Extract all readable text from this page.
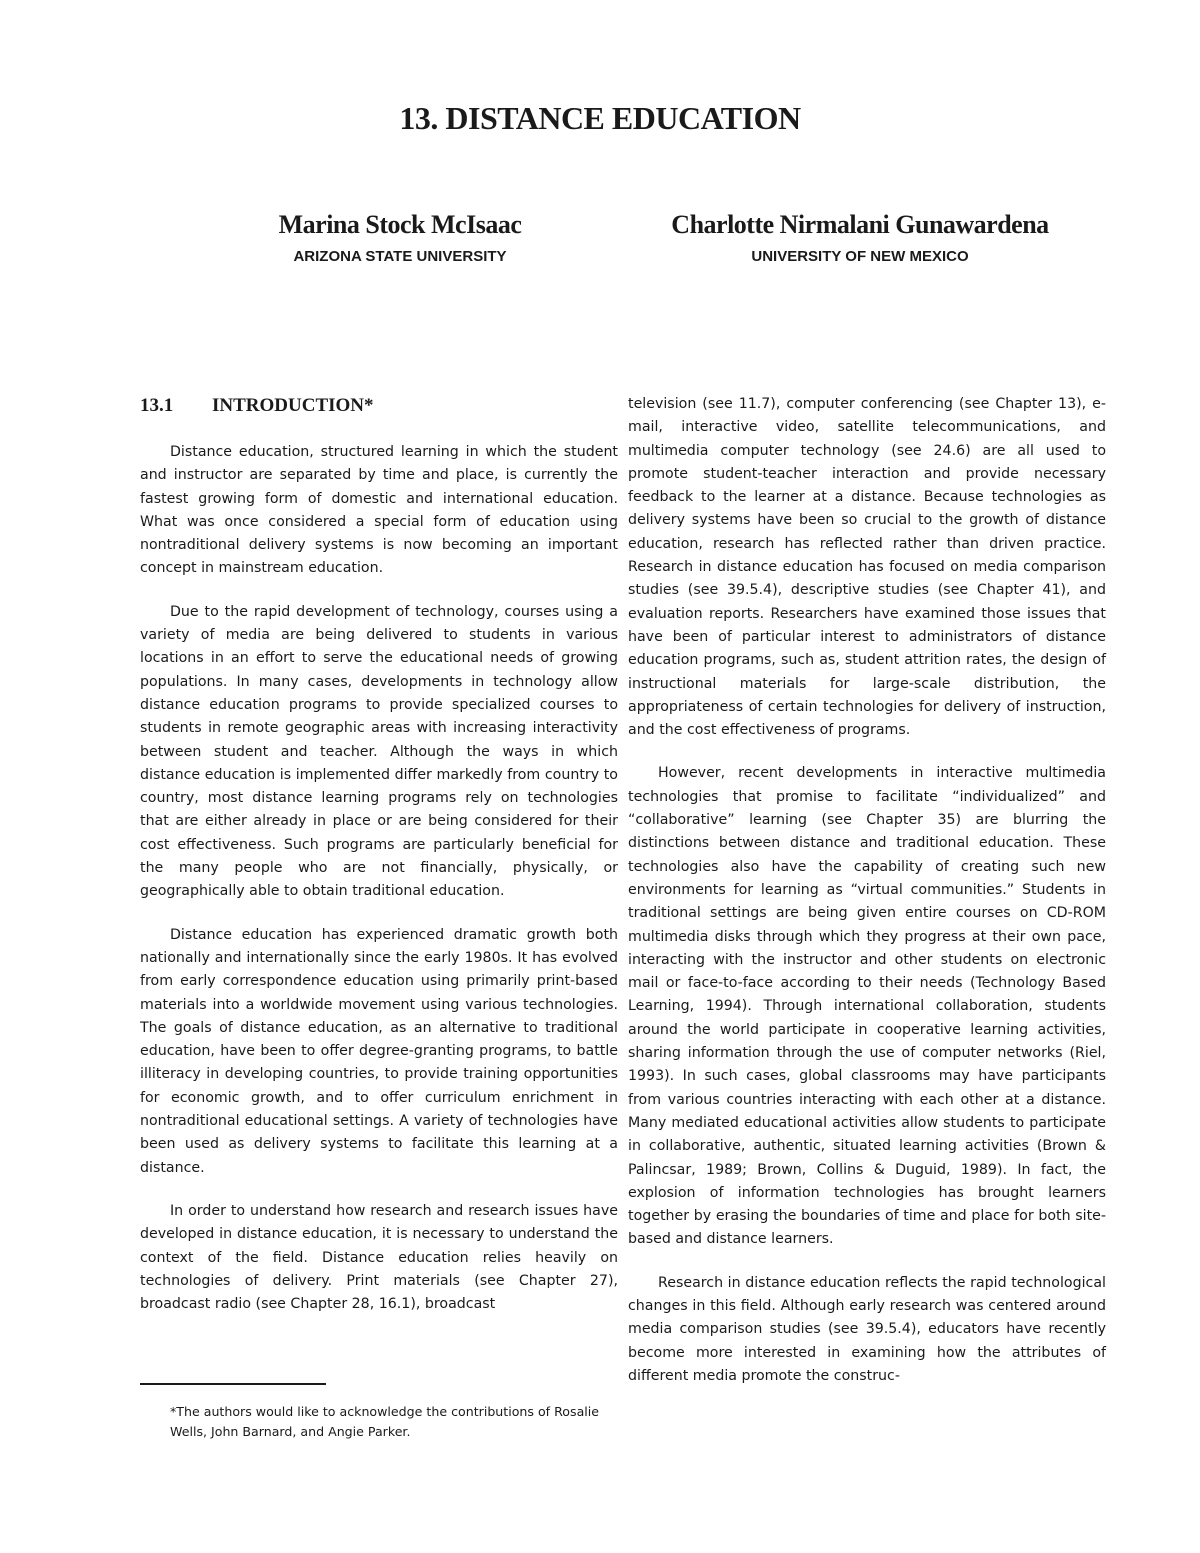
13. DISTANCE EDUCATION
Marina Stock McIsaac
ARIZONA STATE UNIVERSITY
Charlotte Nirmalani Gunawardena
UNIVERSITY OF NEW MEXICO
13.1 INTRODUCTION*

Distance education, structured learning in which the student and instructor are separated by time and place, is currently the fastest growing form of domestic and international education. What was once considered a special form of education using nontraditional delivery systems is now becoming an important concept in mainstream education.

Due to the rapid development of technology, courses using a variety of media are being delivered to students in various locations in an effort to serve the educational needs of growing populations. In many cases, developments in technology allow distance education programs to provide specialized courses to students in remote geographic areas with increasing interactivity between student and teacher. Although the ways in which distance education is implemented differ markedly from country to country, most distance learning programs rely on technologies that are either already in place or are being considered for their cost effectiveness. Such programs are particularly beneficial for the many people who are not financially, physically, or geographically able to obtain traditional education.

Distance education has experienced dramatic growth both nationally and internationally since the early 1980s. It has evolved from early correspondence education using primarily print-based materials into a worldwide movement using various technologies. The goals of distance education, as an alternative to traditional education, have been to offer degree-granting programs, to battle illiteracy in developing countries, to provide training opportunities for economic growth, and to offer curriculum enrichment in nontraditional educational settings. A variety of technologies have been used as delivery systems to facilitate this learning at a distance.

In order to understand how research and research issues have developed in distance education, it is necessary to understand the context of the field. Distance education relies heavily on technologies of delivery. Print materials (see Chapter 27), broadcast radio (see Chapter 28, 16.1), broadcast

television (see 11.7), computer conferencing (see Chapter 13), e-mail, interactive video, satellite telecommunications, and multimedia computer technology (see 24.6) are all used to promote student-teacher interaction and provide necessary feedback to the learner at a distance. Because technologies as delivery systems have been so crucial to the growth of distance education, research has reflected rather than driven practice. Research in distance education has focused on media comparison studies (see 39.5.4), descriptive studies (see Chapter 41), and evaluation reports. Researchers have examined those issues that have been of particular interest to administrators of distance education programs, such as, student attrition rates, the design of instructional materials for large-scale distribution, the appropriateness of certain technologies for delivery of instruction, and the cost effectiveness of programs.

However, recent developments in interactive multimedia technologies that promise to facilitate “individualized” and “collaborative” learning (see Chapter 35) are blurring the distinctions between distance and traditional education. These technologies also have the capability of creating such new environments for learning as “virtual communities.” Students in traditional settings are being given entire courses on CD-ROM multimedia disks through which they progress at their own pace, interacting with the instructor and other students on electronic mail or face-to-face according to their needs (Technology Based Learning, 1994). Through international collaboration, students around the world participate in cooperative learning activities, sharing information through the use of computer networks (Riel, 1993). In such cases, global classrooms may have participants from various countries interacting with each other at a distance. Many mediated educational activities allow students to participate in collaborative, authentic, situated learning activities (Brown & Palincsar, 1989; Brown, Collins & Duguid, 1989). In fact, the explosion of information technologies has brought learners together by erasing the boundaries of time and place for both site-based and distance learners.

Research in distance education reflects the rapid technological changes in this field. Although early research was centered around media comparison studies (see 39.5.4), educators have recently become more interested in examining how the attributes of different media promote the construc-

*The authors would like to acknowledge the contributions of Rosalie Wells, John Barnard, and Angie Parker.
